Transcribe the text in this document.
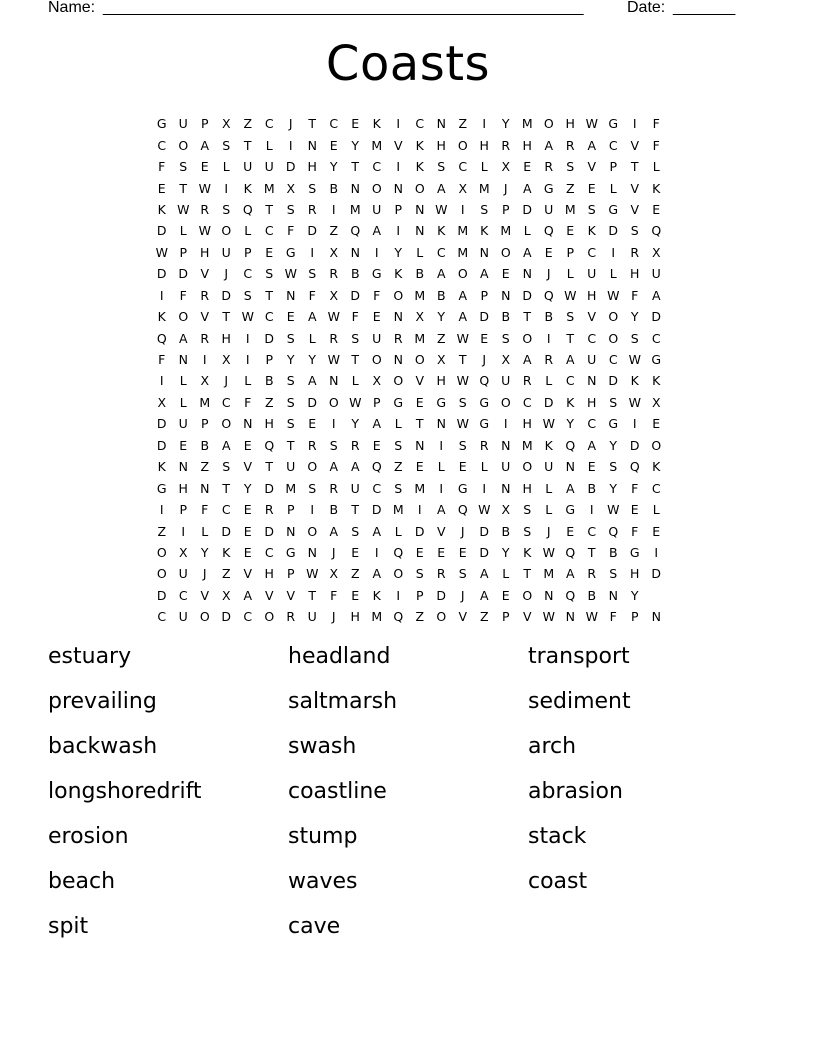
Name: ______________________________________________________	Date: _______
Coasts
G U	P	X	Z	C	J	T	C	E	K	I	C N	Z	I	Y M O H W G	I	F
C O A	S	T	L	I	N	E	Y M V	K	H O H R H	A	R	A	C	V	F
F	S	E	L	U U D H	Y	T	C	I	K	S	C	L	X	E	R	S	V	P	T	L
E	T W	I	K M X	S	B	N O N O A	X M	J	A G Z	E	L	V	K
K W R	S	Q	T	S	R	I	M U	P	N W	I	S	P	D U M S	G V	E
D	L W O	L	C	F	D Z Q A	I	N	K M K M	L	Q	E	K	D	S	Q
W P	H U	P	E	G	I	X	N	I	Y	L	C M N O A	E	P	C	I	R	X
D D V	J	C	S W S	R	B G	K	B	A O A	E	N	J	L	U	L	H U
I	F	R D	S	T	N	F	X D	F	O M B	A	P	N D Q W H W F	A
K O V	T W C	E	A W F	E	N	X	Y	A D B	T	B	S	V O	Y	D
Q A	R H	I	D	S	L	R	S	U	R M Z W E	S	O	I	T	C O	S	C
F	N	I	X	I	P	Y	Y W T	O N O X	T	J	X	A	R	A	U	C W G
I	L	X	J	L	B	S	A	N	L	X O V	H W Q U	R	L	C N D	K	K
X	L	M C	F	Z	S	D O W P	G	E	G	S	G O C D	K	H	S W X
D U	P	O N H	S	E	I	Y	A	L	T	N W G	I	H W Y	C G	I	E
D	E	B	A	E	Q	T	R	S	R	E	S	N	I	S	R N M K Q A	Y	D O
K	N	Z	S	V	T	U O A	A Q Z	E	L	E	L	U O U N	E	S	Q K
G H N	T	Y	D M S	R	U	C	S M	I	G	I	N H	L	A	B	Y	F	C
I	P	F	C	E	R	P	I	B	T	D M	I	A Q W X	S	L	G	I	W E	L
Z	I	L	D	E	D N O A	S	A	L	D V	J	D B	S	J	E	C Q	F	E
O X	Y	K	E	C G N	J	E	I	Q	E	E	E	D	Y	K W Q	T	B G	I
O U	J	Z	V	H	P W X	Z	A O	S	R	S	A	L	T M A	R	S	H D
D C	V	X	A	V	V	T	F	E	K	I	P	D	J	A	E	O N Q B	N	Y
C	U O D C O R	U	J	H M Q Z O V	Z	P	V W N W F	P	N
estuary	headland	transport
prevailing	saltmarsh	sediment
backwash	swash	arch
longshoredrift	coastline	abrasion
erosion	stump	stack
beach	waves	coast
spit	cave
